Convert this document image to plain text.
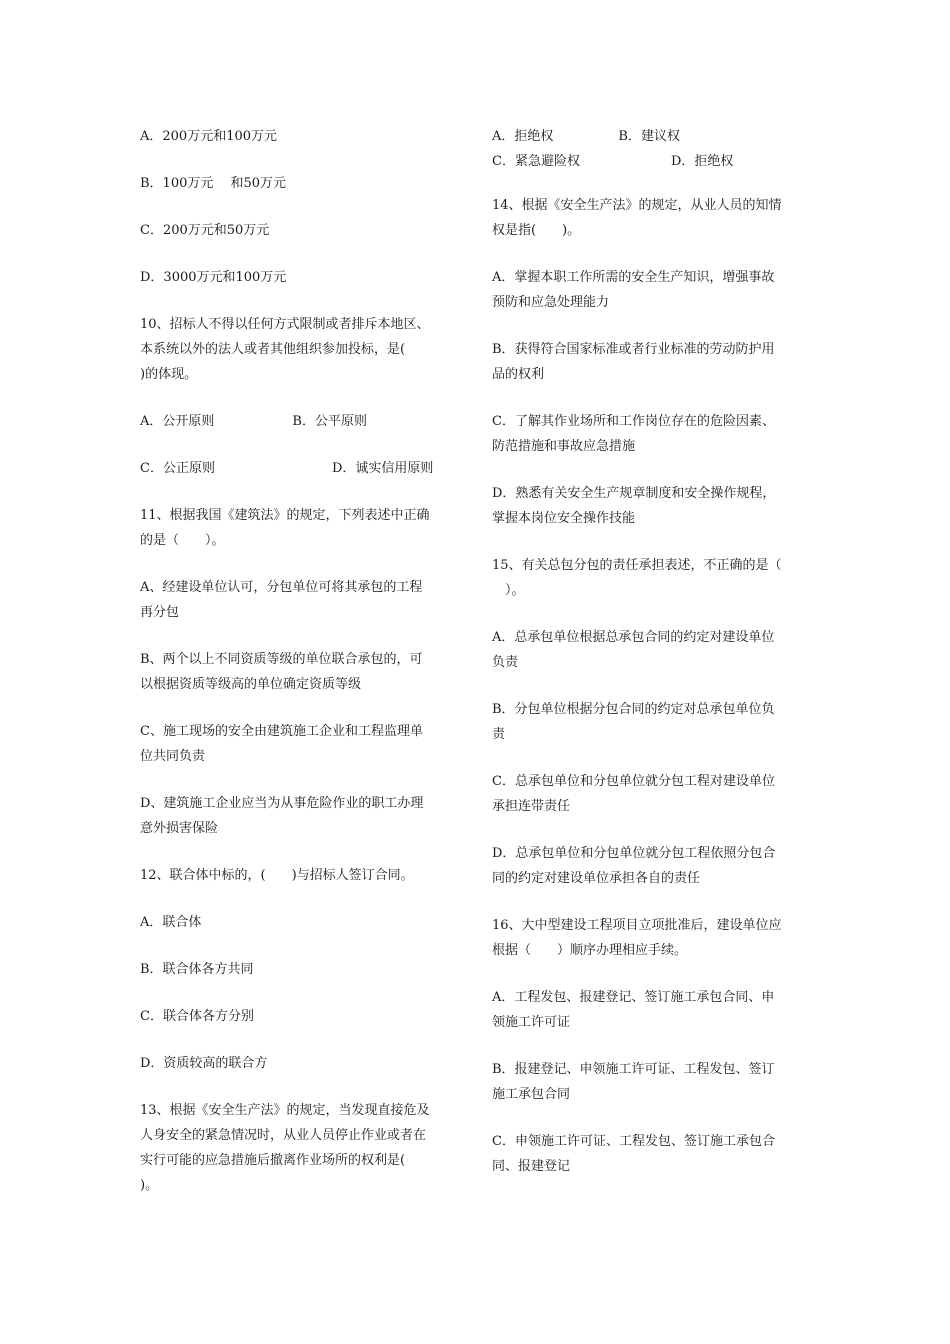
A．200万元和100万元
B．100万元　 和50万元
C．200万元和50万元
D．3000万元和100万元
10、招标人不得以任何方式限制或者排斥本地区、
本系统以外的法人或者其他组织参加投标，是(
)的体现。
A．公开原则　　　　　　B．公平原则
C．公正原则　　　　　　　　　D．诚实信用原则
11、根据我国《建筑法》的规定，下列表述中正确
的是（　　）。
A、经建设单位认可，分包单位可将其承包的工程
再分包
B、两个以上不同资质等级的单位联合承包的，可
以根据资质等级高的单位确定资质等级
C、施工现场的安全由建筑施工企业和工程监理单
位共同负责
D、建筑施工企业应当为从事危险作业的职工办理
意外损害保险
12、联合体中标的，(　　)与招标人签订合同。
A．联合体
B．联合体各方共同
C．联合体各方分别
D．资质较高的联合方
13、根据《安全生产法》的规定，当发现直接危及
人身安全的紧急情况时，从业人员停止作业或者在
实行可能的应急措施后撤离作业场所的权利是(
)。
A．拒绝权　　　　　B．建议权
C．紧急避险权　　　　　　　D．拒绝权
14、根据《安全生产法》的规定，从业人员的知情
权是指(　　)。
A．掌握本职工作所需的安全生产知识，增强事故
预防和应急处理能力
B．获得符合国家标准或者行业标准的劳动防护用
品的权利
C．了解其作业场所和工作岗位存在的危险因素、
防范措施和事故应急措施
D．熟悉有关安全生产规章制度和安全操作规程，
掌握本岗位安全操作技能
15、有关总包分包的责任承担表述，不正确的是（
　）。
A．总承包单位根据总承包合同的约定对建设单位
负责
B．分包单位根据分包合同的约定对总承包单位负
责
C．总承包单位和分包单位就分包工程对建设单位
承担连带责任
D．总承包单位和分包单位就分包工程依照分包合
同的约定对建设单位承担各自的责任
16、大中型建设工程项目立项批准后，建设单位应
根据（　　）顺序办理相应手续。
A．工程发包、报建登记、签订施工承包合同、申
领施工许可证
B．报建登记、申领施工许可证、工程发包、签订
施工承包合同
C．申领施工许可证、工程发包、签订施工承包合
同、报建登记
